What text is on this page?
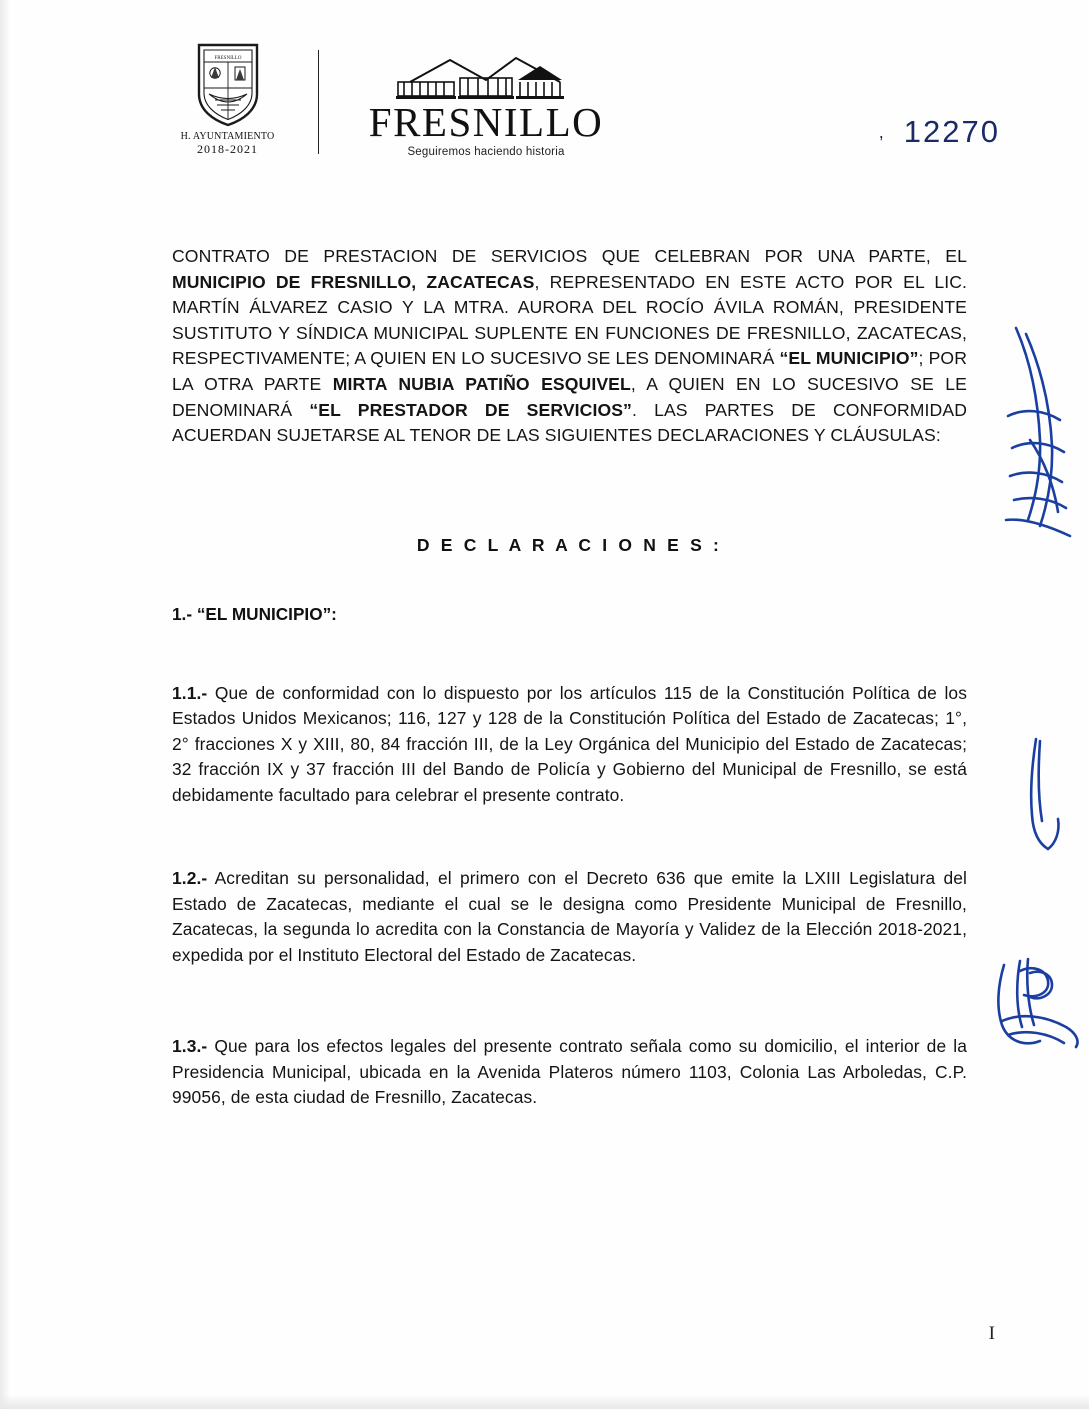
FRESNILLO
H. AYUNTAMIENTO
2018-2021
FRESNILLO
Seguiremos haciendo historia
, 12270

CONTRATO DE PRESTACION DE SERVICIOS QUE CELEBRAN POR UNA PARTE, EL MUNICIPIO DE FRESNILLO, ZACATECAS, REPRESENTADO EN ESTE ACTO POR EL LIC. MARTÍN ÁLVAREZ CASIO Y LA MTRA. AURORA DEL ROCÍO ÁVILA ROMÁN, PRESIDENTE SUSTITUTO Y SÍNDICA MUNICIPAL SUPLENTE EN FUNCIONES DE FRESNILLO, ZACATECAS, RESPECTIVAMENTE; A QUIEN EN LO SUCESIVO SE LES DENOMINARÁ “EL MUNICIPIO”; POR LA OTRA PARTE MIRTA NUBIA PATIÑO ESQUIVEL, A QUIEN EN LO SUCESIVO SE LE DENOMINARÁ “EL PRESTADOR DE SERVICIOS”. LAS PARTES DE CONFORMIDAD ACUERDAN SUJETARSE AL TENOR DE LAS SIGUIENTES DECLARACIONES Y CLÁUSULAS:

D E C L A R A C I O N E S :

1.- “EL MUNICIPIO”:

1.1.- Que de conformidad con lo dispuesto por los artículos 115 de la Constitución Política de los Estados Unidos Mexicanos; 116, 127 y 128 de la Constitución Política del Estado de Zacatecas; 1°, 2° fracciones X y XIII, 80, 84 fracción III, de la Ley Orgánica del Municipio del Estado de Zacatecas; 32 fracción IX y 37 fracción III del Bando de Policía y Gobierno del Municipal de Fresnillo, se está debidamente facultado para celebrar el presente contrato.

1.2.- Acreditan su personalidad, el primero con el Decreto 636 que emite la LXIII Legislatura del Estado de Zacatecas, mediante el cual se le designa como Presidente Municipal de Fresnillo, Zacatecas, la segunda lo acredita con la Constancia de Mayoría y Validez de la Elección 2018-2021, expedida por el Instituto Electoral del Estado de Zacatecas.

1.3.- Que para los efectos legales del presente contrato señala como su domicilio, el interior de la Presidencia Municipal, ubicada en la Avenida Plateros número 1103, Colonia Las Arboledas, C.P. 99056, de esta ciudad de Fresnillo, Zacatecas.

I
